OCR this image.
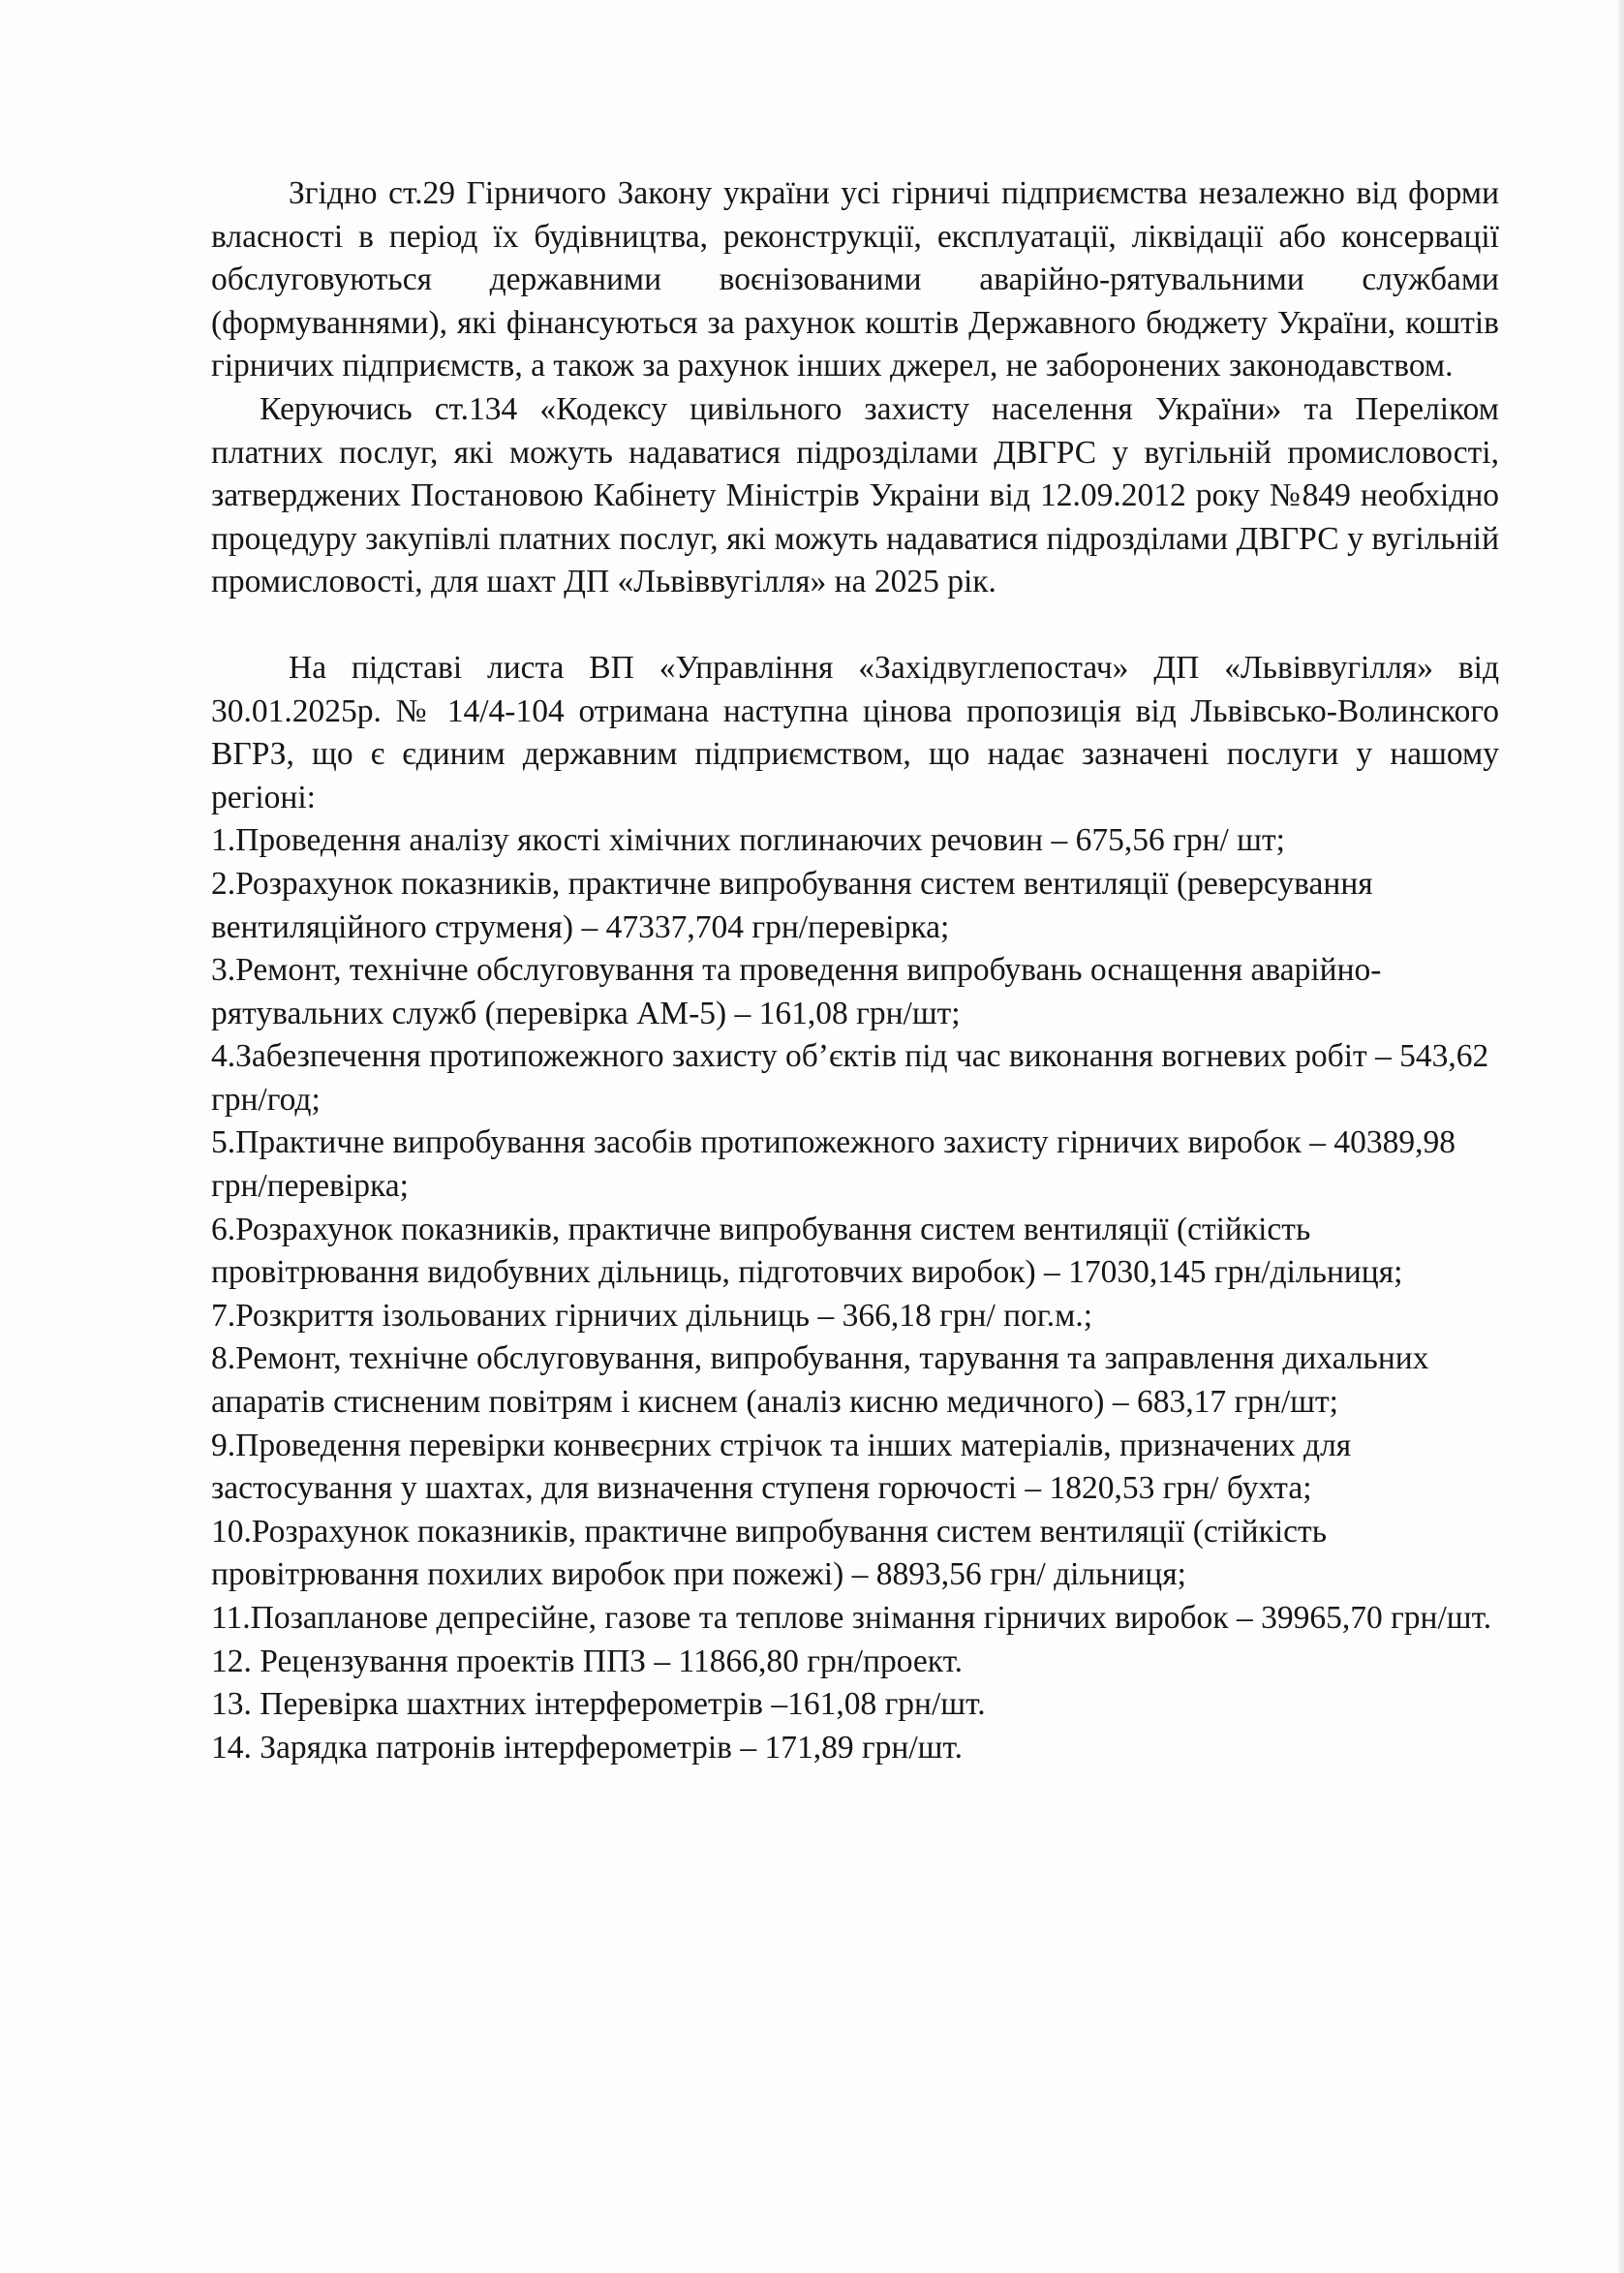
Згідно ст.29 Гірничого Закону україни усі гірничі підприємства незалежно від форми власності в період їх будівництва, реконструкції, експлуатації, ліквідації або консервації обслуговуються державними воєнізованими аварійно-рятувальними службами (формуваннями), які фінансуються за рахунок коштів Державного бюджету України, коштів гірничих підприємств, а також за рахунок інших джерел, не заборонених законодавством.

Керуючись ст.134 «Кодексу цивільного захисту населення України» та Переліком платних послуг, які можуть надаватися підрозділами ДВГРС у вугільній промисловості, затверджених Постановою Кабінету Міністрів Украіни від 12.09.2012 року №849 необхідно процедуру закупівлі платних послуг, які можуть надаватися підрозділами ДВГРС у вугільній промисловості, для шахт ДП «Львіввугілля» на 2025 рік.

На підставі листа ВП «Управління «Західвуглепостач» ДП «Львіввугілля» від 30.01.2025р. № 14/4-104 отримана наступна цінова пропозиція від Львівсько-Волинского ВГРЗ, що є єдиним державним підприємством, що надає зазначені послуги у нашому регіоні:

1.Проведення аналізу якості хімічних поглинаючих речовин – 675,56 грн/ шт;
2.Розрахунок показників, практичне випробування систем вентиляції (реверсування вентиляційного струменя) – 47337,704 грн/перевірка;
3.Ремонт, технічне обслуговування та проведення випробувань оснащення аварійно-рятувальних служб (перевірка АМ-5) – 161,08 грн/шт;
4.Забезпечення протипожежного захисту об’єктів під час виконання вогневих робіт – 543,62 грн/год;
5.Практичне випробування засобів протипожежного захисту гірничих виробок – 40389,98 грн/перевірка;
6.Розрахунок показників, практичне випробування систем вентиляції (стійкість провітрювання видобувних дільниць, підготовчих виробок) – 17030,145 грн/дільниця;
7.Розкриття ізольованих гірничих дільниць – 366,18 грн/ пог.м.;
8.Ремонт, технічне обслуговування, випробування, тарування та заправлення дихальних апаратів стисненим повітрям і киснем (аналіз кисню медичного) – 683,17 грн/шт;
9.Проведення перевірки конвеєрних стрічок та інших матеріалів, призначених для застосування у шахтах, для визначення ступеня горючості – 1820,53 грн/ бухта;
10.Розрахунок показників, практичне випробування систем вентиляції (стійкість провітрювання похилих виробок при пожежі) – 8893,56 грн/ дільниця;
11.Позаплановe депресійне, газове та теплове знімання гірничих виробок – 39965,70 грн/шт.
12. Рецензування проектів ППЗ – 11866,80 грн/проект.
13. Перевірка шахтних інтерферометрів –161,08 грн/шт.
14. Зарядка патронів інтерферометрів – 171,89 грн/шт.
